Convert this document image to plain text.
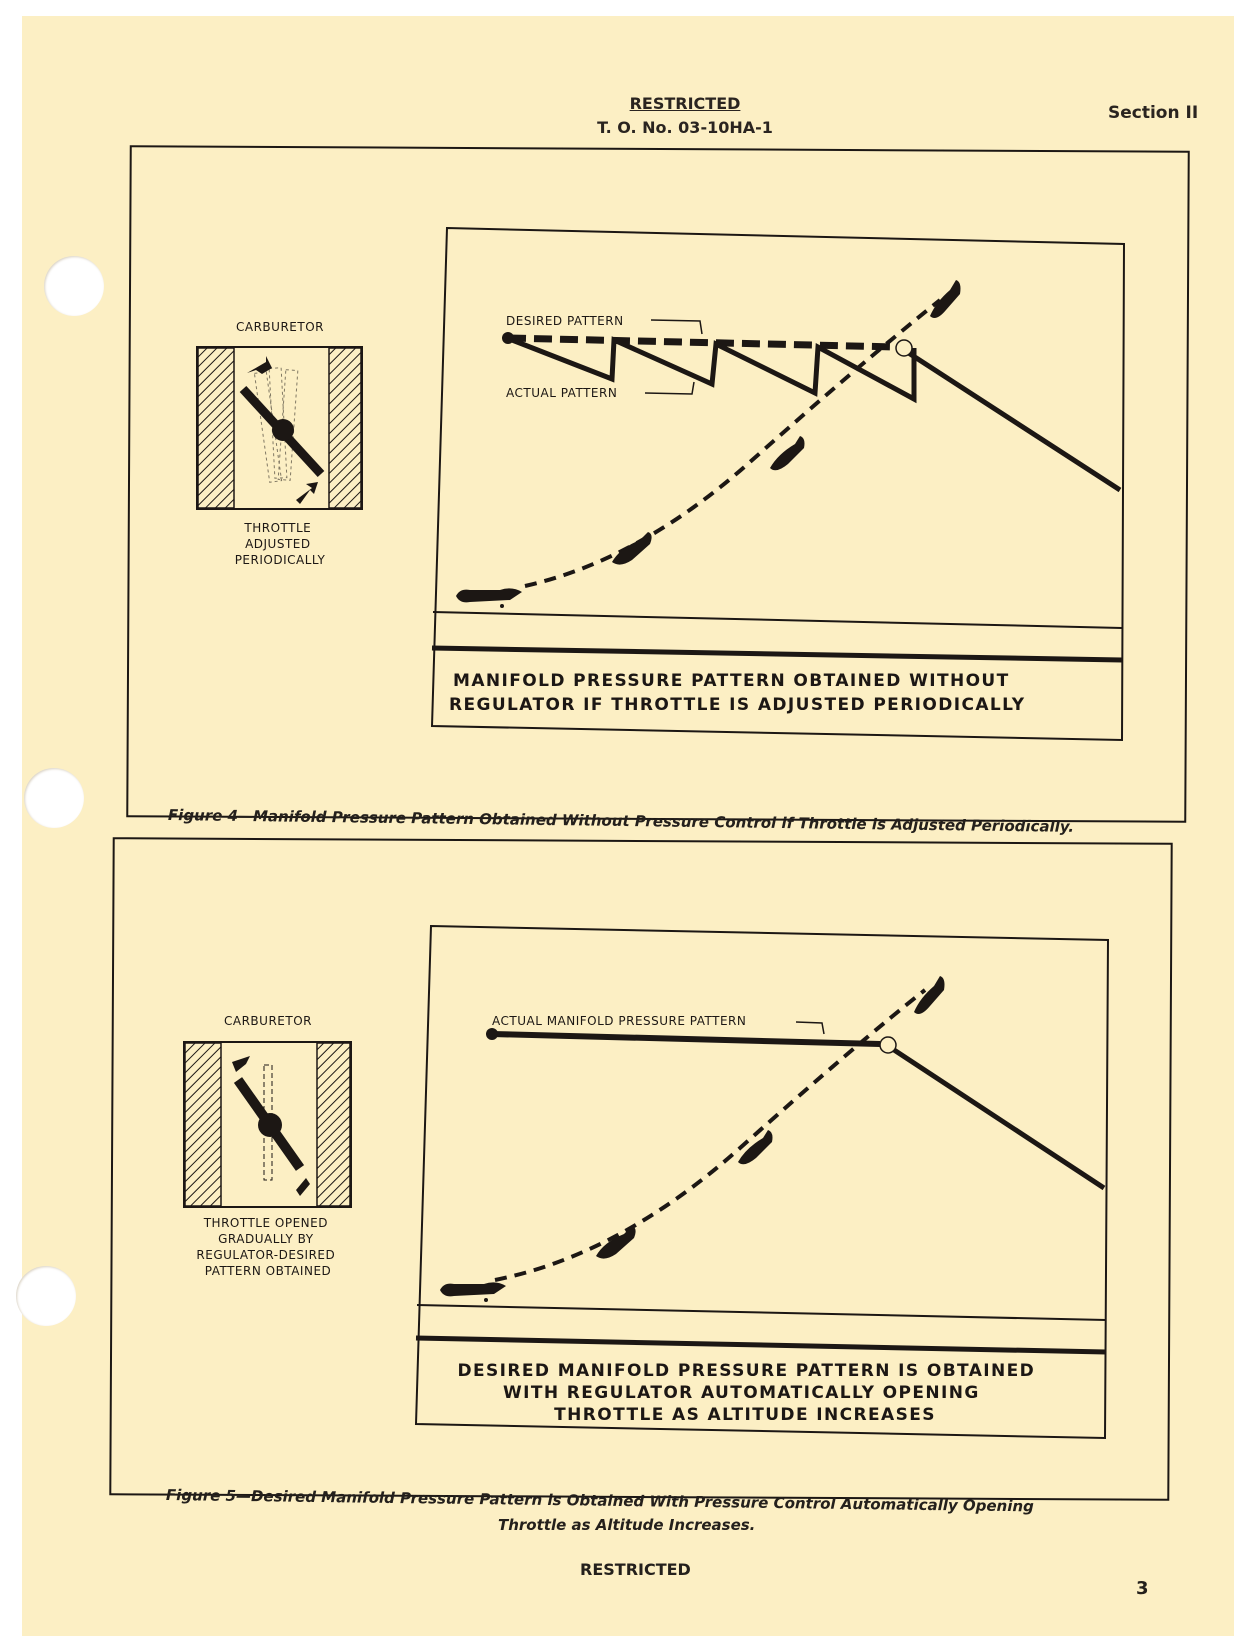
RESTRICTED
T. O. No. 03-10HA-1
Section II
CARBURETOR
THROTTLE ADJUSTED PERIODICALLY
DESIRED PATTERN
ACTUAL PATTERN
MANIFOLD PRESSURE PATTERN OBTAINED WITHOUT REGULATOR IF THROTTLE IS ADJUSTED PERIODICALLY
Figure 4—Manifold Pressure Pattern Obtained Without Pressure Control if Throttle is Adjusted Periodically.
CARBURETOR
THROTTLE OPENED GRADUALLY BY REGULATOR-DESIRED PATTERN OBTAINED
ACTUAL MANIFOLD PRESSURE PATTERN
DESIRED MANIFOLD PRESSURE PATTERN IS OBTAINED WITH REGULATOR AUTOMATICALLY OPENING THROTTLE AS ALTITUDE INCREASES
Figure 5—Desired Manifold Pressure Pattern is Obtained With Pressure Control Automatically Opening
Throttle as Altitude Increases.
RESTRICTED
3
